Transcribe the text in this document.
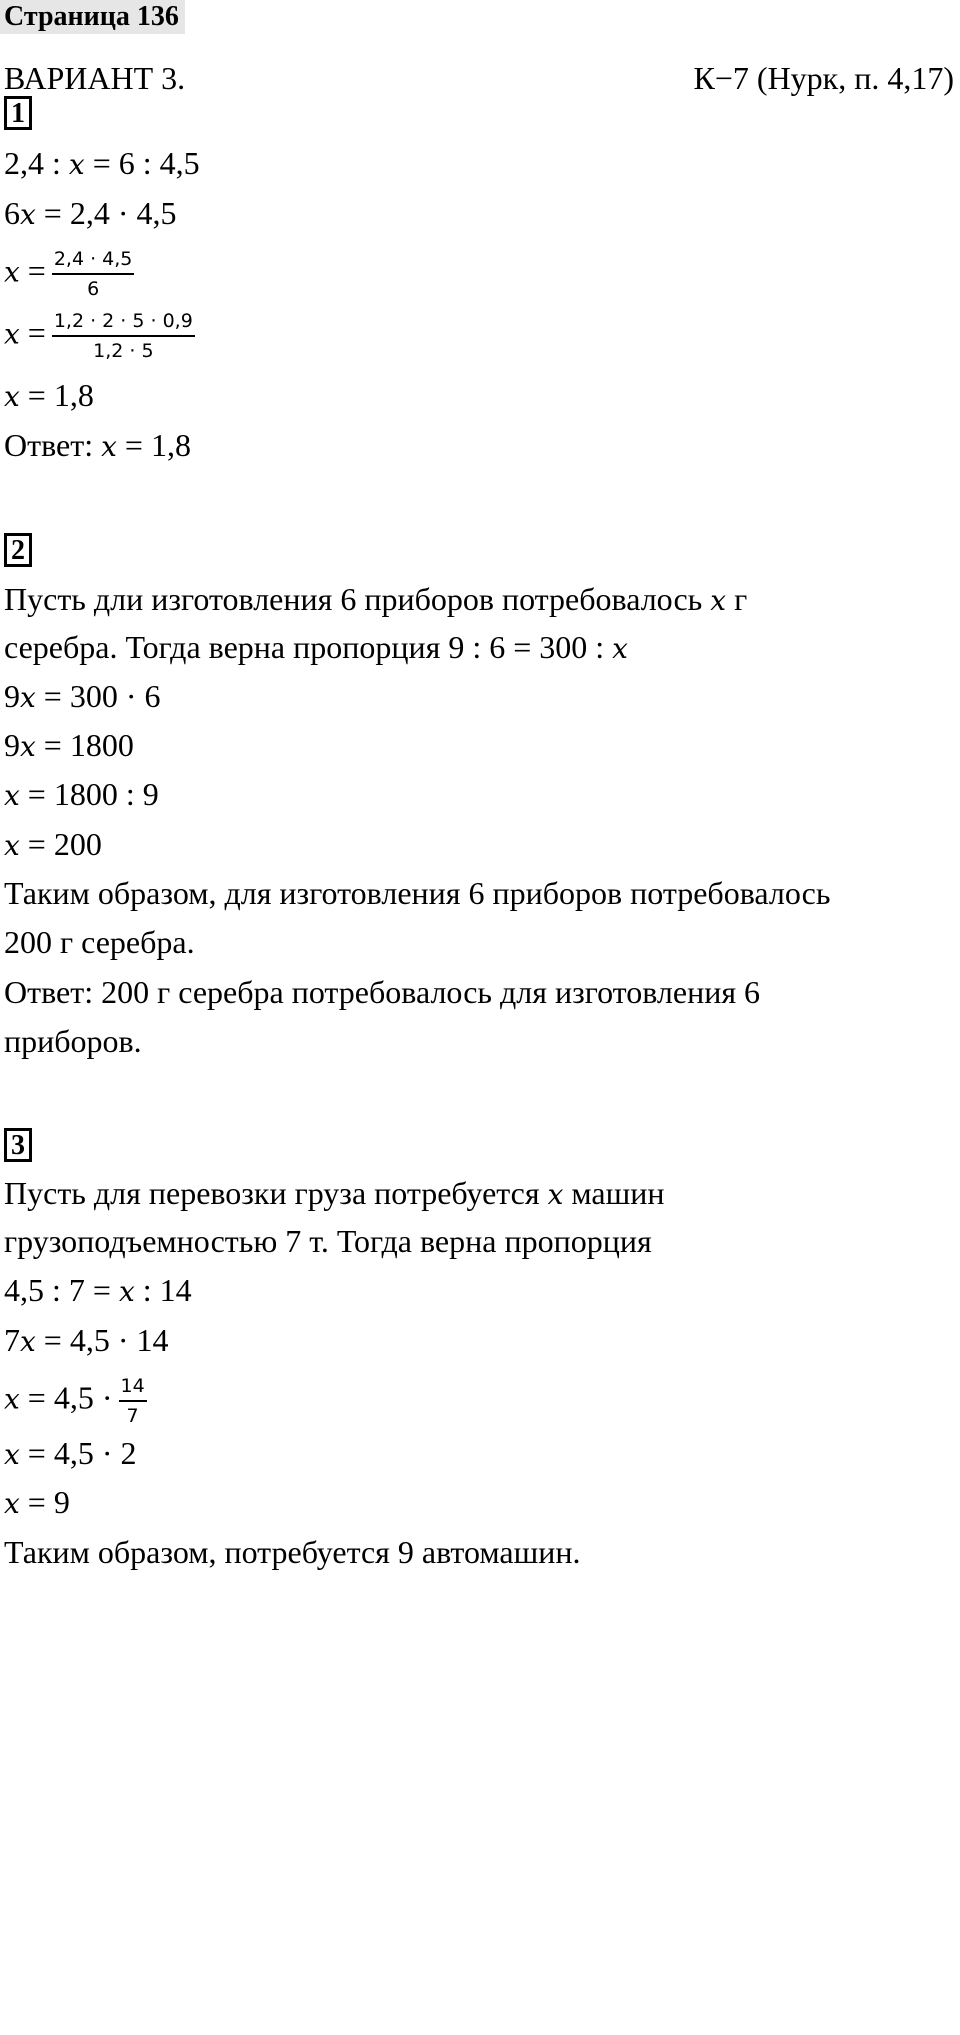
Страница 136
ВАРИАНТ 3.	К−7 (Нурк, п. 4,17)
1
2,4 : x = 6 : 4,5
6x = 2,4 · 4,5
$x = \frac{2,4 \cdot 4,5}{6}$
$x = \frac{1,2 \cdot 2 \cdot 5 \cdot 0,9}{1,2 \cdot 5}$
x = 1,8
Ответ: x = 1,8
2
Пусть дли изготовления 6 приборов потребовалось x г
серебра. Тогда верна пропорция 9 : 6 = 300 : x
9x = 300 · 6
9x = 1800
x = 1800 : 9
x = 200
Таким образом, для изготовления 6 приборов потребовалось
200 г серебра.
Ответ: 200 г серебра потребовалось для изготовления 6
приборов.
3
Пусть для перевозки груза потребуется x машин
грузоподъемностью 7 т. Тогда верна пропорция
4,5 : 7 = x : 14
7x = 4,5 · 14
$x = 4,5 \cdot \frac{14}{7}$
x = 4,5 · 2
x = 9
Таким образом, потребуется 9 автомашин.
